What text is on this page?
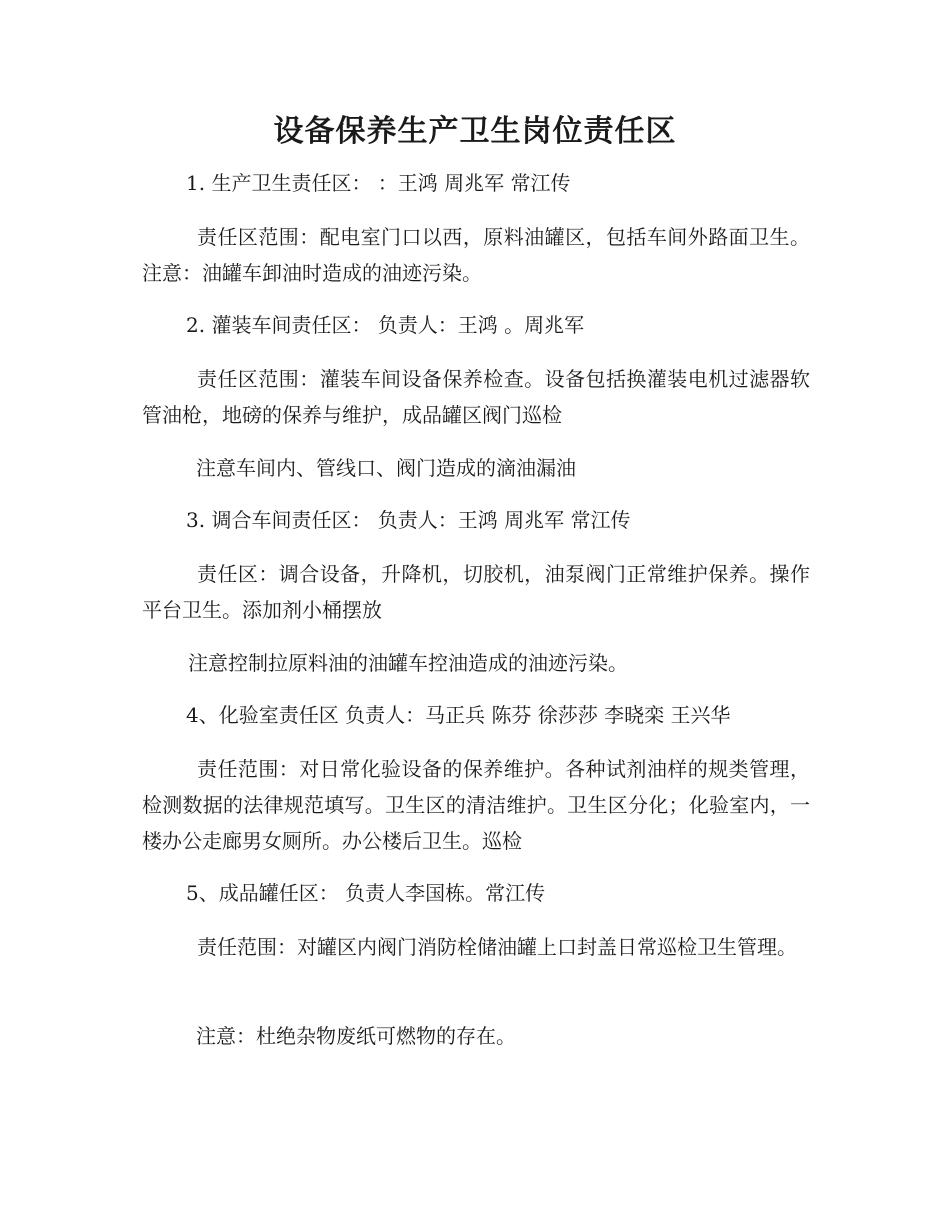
设备保养生产卫生岗位责任区
1. 生产卫生责任区： ：王鸿 周兆军 常江传
责任区范围：配电室门口以西，原料油罐区，包括车间外路面卫生。 注意：油罐车卸油时造成的油迹污染。
2. 灌装车间责任区： 负责人：王鸿 。周兆军
责任区范围：灌装车间设备保养检查。设备包括换灌装电机过滤器软管油枪，地磅的保养与维护，成品罐区阀门巡检
注意车间内、管线口、阀门造成的滴油漏油
3. 调合车间责任区： 负责人：王鸿 周兆军 常江传
责任区：调合设备，升降机，切胶机，油泵阀门正常维护保养。操作平台卫生。添加剂小桶摆放
注意控制拉原料油的油罐车控油造成的油迹污染。
4、化验室责任区 负责人：马正兵 陈芬 徐莎莎 李晓栾 王兴华
责任范围：对日常化验设备的保养维护。各种试剂油样的规类管理，检测数据的法律规范填写。卫生区的清洁维护。卫生区分化；化验室内，一楼办公走廊男女厕所。办公楼后卫生。巡检
5、成品罐任区： 负责人李国栋。常江传
责任范围：对罐区内阀门消防栓储油罐上口封盖日常巡检卫生管理。
注意：杜绝杂物废纸可燃物的存在。
